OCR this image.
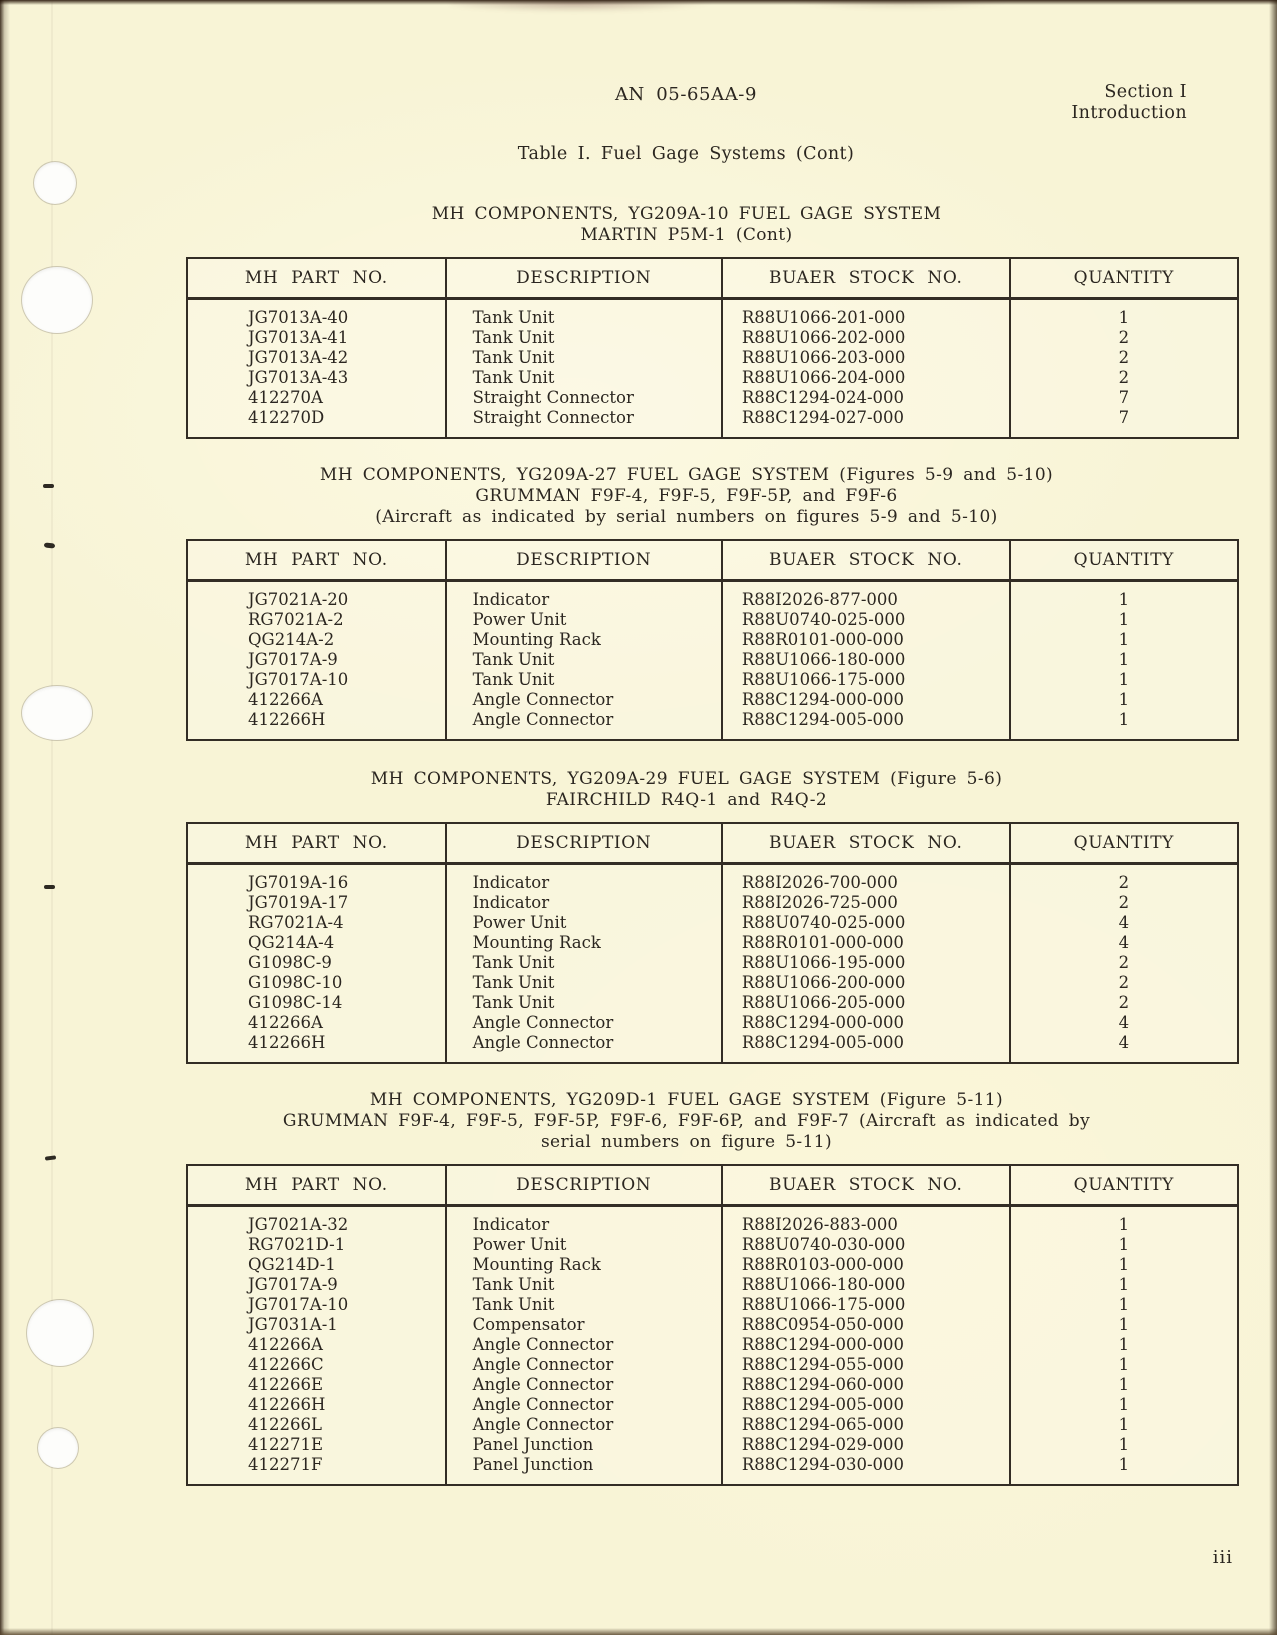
AN 05-65AA-9	Section I
Introduction
Table I. Fuel Gage Systems (Cont)
MH COMPONENTS, YG209A-10 FUEL GAGE SYSTEM
MARTIN P5M-1 (Cont)
MH PART NO.	DESCRIPTION	BUAER STOCK NO.	QUANTITY
JG7013A-40	Tank Unit	R88U1066-201-000	1
JG7013A-41	Tank Unit	R88U1066-202-000	2
JG7013A-42	Tank Unit	R88U1066-203-000	2
JG7013A-43	Tank Unit	R88U1066-204-000	2
412270A	Straight Connector	R88C1294-024-000	7
412270D	Straight Connector	R88C1294-027-000	7
MH COMPONENTS, YG209A-27 FUEL GAGE SYSTEM (Figures 5-9 and 5-10)
GRUMMAN F9F-4, F9F-5, F9F-5P, and F9F-6
(Aircraft as indicated by serial numbers on figures 5-9 and 5-10)
MH PART NO.	DESCRIPTION	BUAER STOCK NO.	QUANTITY
JG7021A-20	Indicator	R88I2026-877-000	1
RG7021A-2	Power Unit	R88U0740-025-000	1
QG214A-2	Mounting Rack	R88R0101-000-000	1
JG7017A-9	Tank Unit	R88U1066-180-000	1
JG7017A-10	Tank Unit	R88U1066-175-000	1
412266A	Angle Connector	R88C1294-000-000	1
412266H	Angle Connector	R88C1294-005-000	1
MH COMPONENTS, YG209A-29 FUEL GAGE SYSTEM (Figure 5-6)
FAIRCHILD R4Q-1 and R4Q-2
MH PART NO.	DESCRIPTION	BUAER STOCK NO.	QUANTITY
JG7019A-16	Indicator	R88I2026-700-000	2
JG7019A-17	Indicator	R88I2026-725-000	2
RG7021A-4	Power Unit	R88U0740-025-000	4
QG214A-4	Mounting Rack	R88R0101-000-000	4
G1098C-9	Tank Unit	R88U1066-195-000	2
G1098C-10	Tank Unit	R88U1066-200-000	2
G1098C-14	Tank Unit	R88U1066-205-000	2
412266A	Angle Connector	R88C1294-000-000	4
412266H	Angle Connector	R88C1294-005-000	4
MH COMPONENTS, YG209D-1 FUEL GAGE SYSTEM (Figure 5-11)
GRUMMAN F9F-4, F9F-5, F9F-5P, F9F-6, F9F-6P, and F9F-7 (Aircraft as indicated by
serial numbers on figure 5-11)
MH PART NO.	DESCRIPTION	BUAER STOCK NO.	QUANTITY
JG7021A-32	Indicator	R88I2026-883-000	1
RG7021D-1	Power Unit	R88U0740-030-000	1
QG214D-1	Mounting Rack	R88R0103-000-000	1
JG7017A-9	Tank Unit	R88U1066-180-000	1
JG7017A-10	Tank Unit	R88U1066-175-000	1
JG7031A-1	Compensator	R88C0954-050-000	1
412266A	Angle Connector	R88C1294-000-000	1
412266C	Angle Connector	R88C1294-055-000	1
412266E	Angle Connector	R88C1294-060-000	1
412266H	Angle Connector	R88C1294-005-000	1
412266L	Angle Connector	R88C1294-065-000	1
412271E	Panel Junction	R88C1294-029-000	1
412271F	Panel Junction	R88C1294-030-000	1
iii
